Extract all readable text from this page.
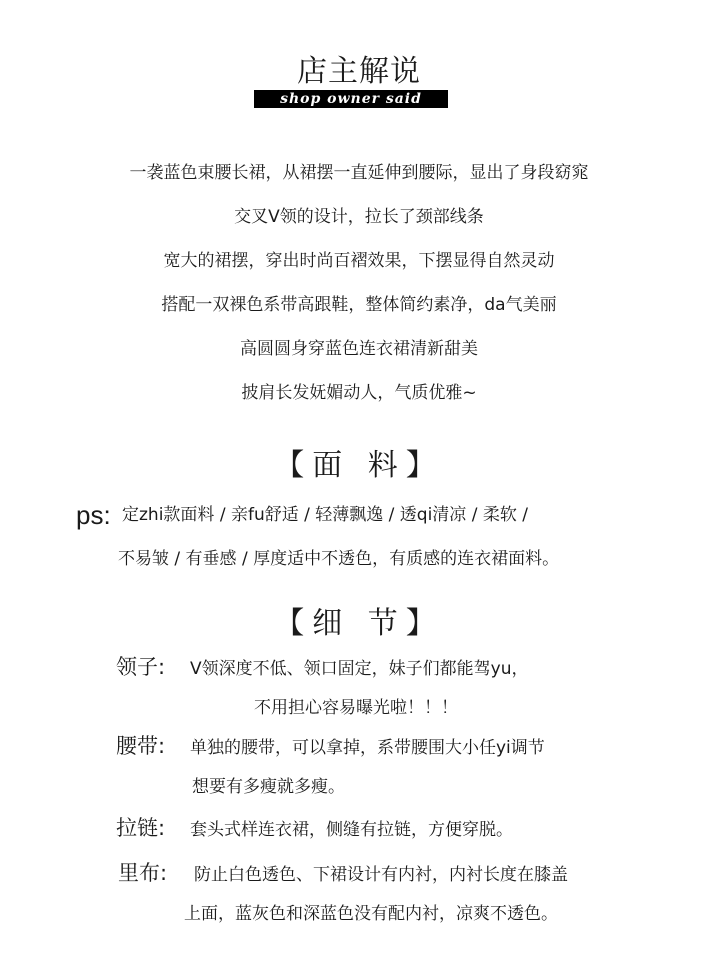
店主解说
shop owner said
一袭蓝色束腰长裙，从裙摆一直延伸到腰际，显出了身段窈窕
交叉V领的设计，拉长了颈部线条
宽大的裙摆，穿出时尚百褶效果，下摆显得自然灵动
搭配一双裸色系带高跟鞋，整体简约素净，da气美丽
高圆圆身穿蓝色连衣裙清新甜美
披肩长发妩媚动人，气质优雅~
【面 料】
ps: 定zhi款面料 / 亲fu舒适 / 轻薄飘逸 / 透qi清凉 / 柔软 /
不易皱 / 有垂感 / 厚度适中不透色，有质感的连衣裙面料。
【细 节】
领子: V领深度不低、领口固定，妹子们都能驾yu，
不用担心容易曝光啦！！！
腰带: 单独的腰带，可以拿掉，系带腰围大小任yi调节
想要有多瘦就多瘦。
拉链: 套头式样连衣裙，侧缝有拉链，方便穿脱。
里布: 防止白色透色、下裙设计有内衬，内衬长度在膝盖
上面，蓝灰色和深蓝色没有配内衬，凉爽不透色。
